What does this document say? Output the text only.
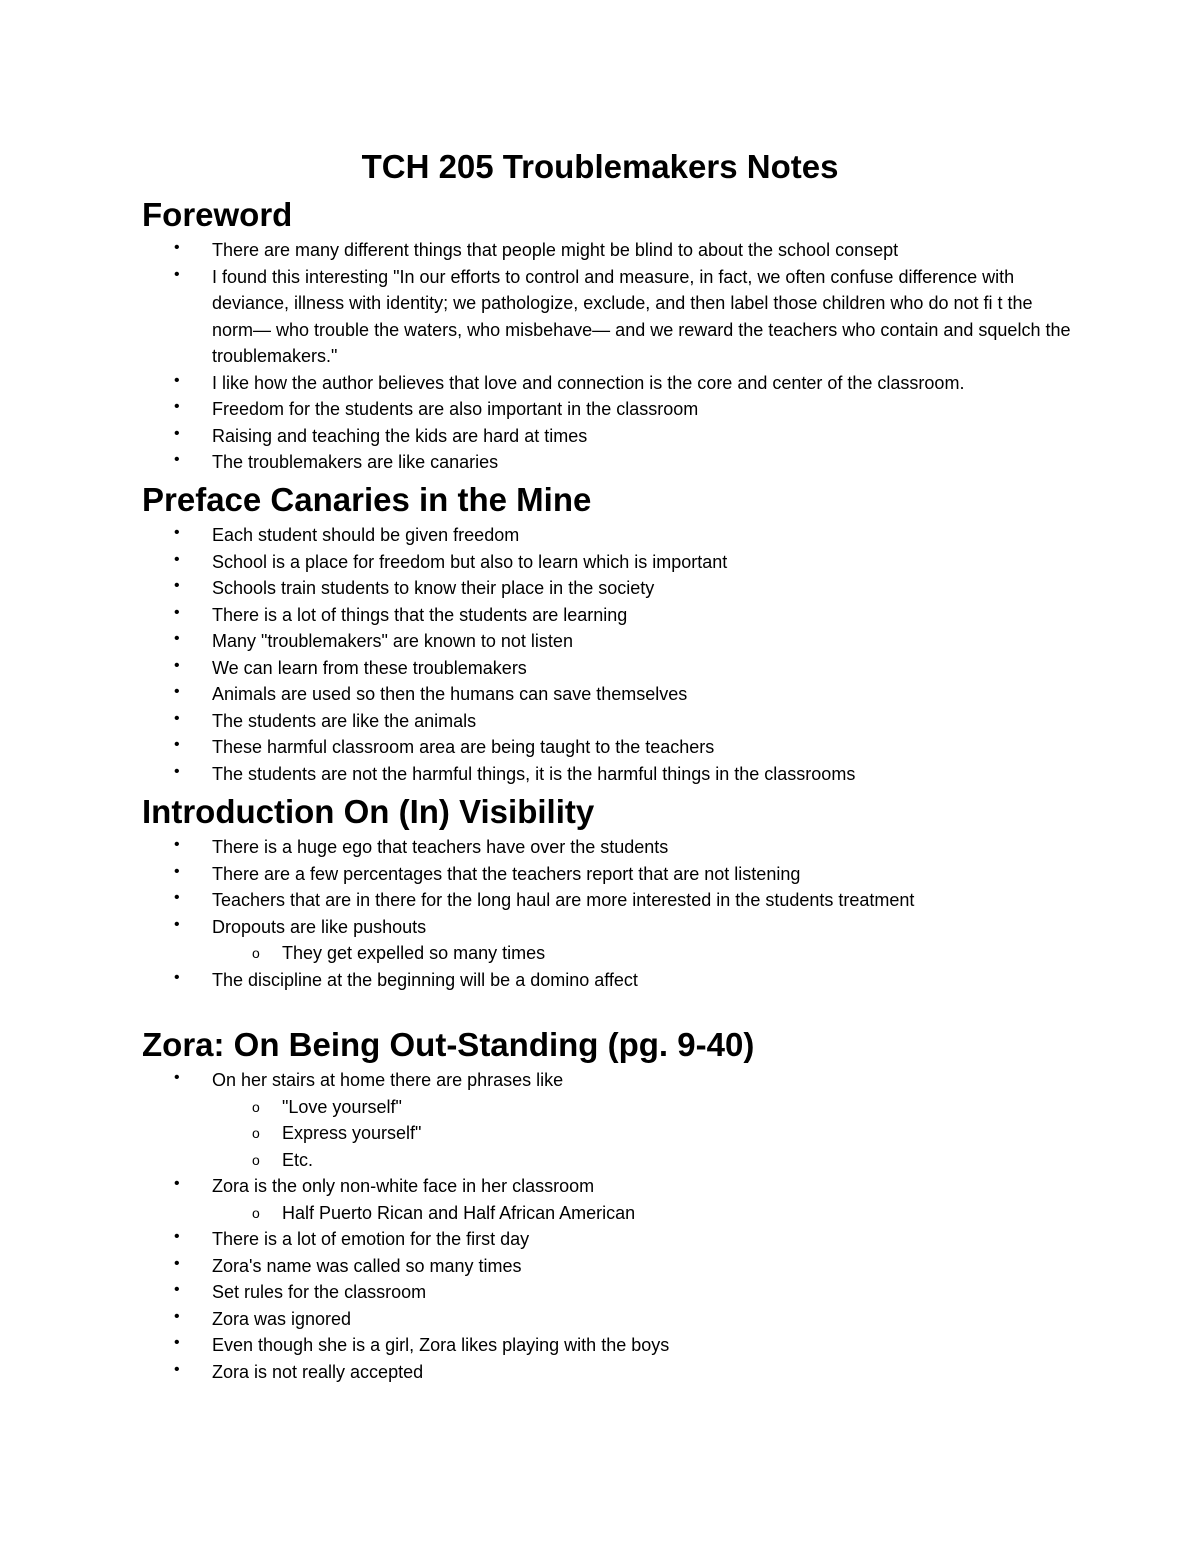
TCH 205 Troublemakers Notes
Foreword
•	There are many different things that people might be blind to about the school consept
•	I found this interesting "In our efforts to control and measure, in fact, we often confuse difference with deviance, illness with identity; we pathologize, exclude, and then label those children who do not fi t the norm— who trouble the waters, who misbehave— and we reward the teachers who contain and squelch the troublemakers."
•	I like how the author believes that love and connection is the core and center of the classroom.
•	Freedom for the students are also important in the classroom
•	Raising and teaching the kids are hard at times
•	The troublemakers are like canaries
Preface Canaries in the Mine
•	Each student should be given freedom
•	School is a place for freedom but also to learn which is important
•	Schools train students to know their place in the society
•	There is a lot of things that the students are learning
•	Many "troublemakers" are known to not listen
•	We can learn from these troublemakers
•	Animals are used so then the humans can save themselves
•	The students are like the animals
•	These harmful classroom area are being taught to the teachers
•	The students are not the harmful things, it is the harmful things in the classrooms
Introduction On (In) Visibility
•	There is a huge ego that teachers have over the students
•	There are a few percentages that the teachers report that are not listening
•	Teachers that are in there for the long haul are more interested in the students treatment
•	Dropouts are like pushouts
o	They get expelled so many times
•	The discipline at the beginning will be a domino affect
Zora: On Being Out-Standing (pg. 9-40)
•	On her stairs at home there are phrases like
o	"Love yourself"
o	Express yourself"
o	Etc.
•	Zora is the only non-white face in her classroom
o	Half Puerto Rican and Half African American
•	There is a lot of emotion for the first day
•	Zora's name was called so many times
•	Set rules for the classroom
•	Zora was ignored
•	Even though she is a girl, Zora likes playing with the boys
•	Zora is not really accepted
